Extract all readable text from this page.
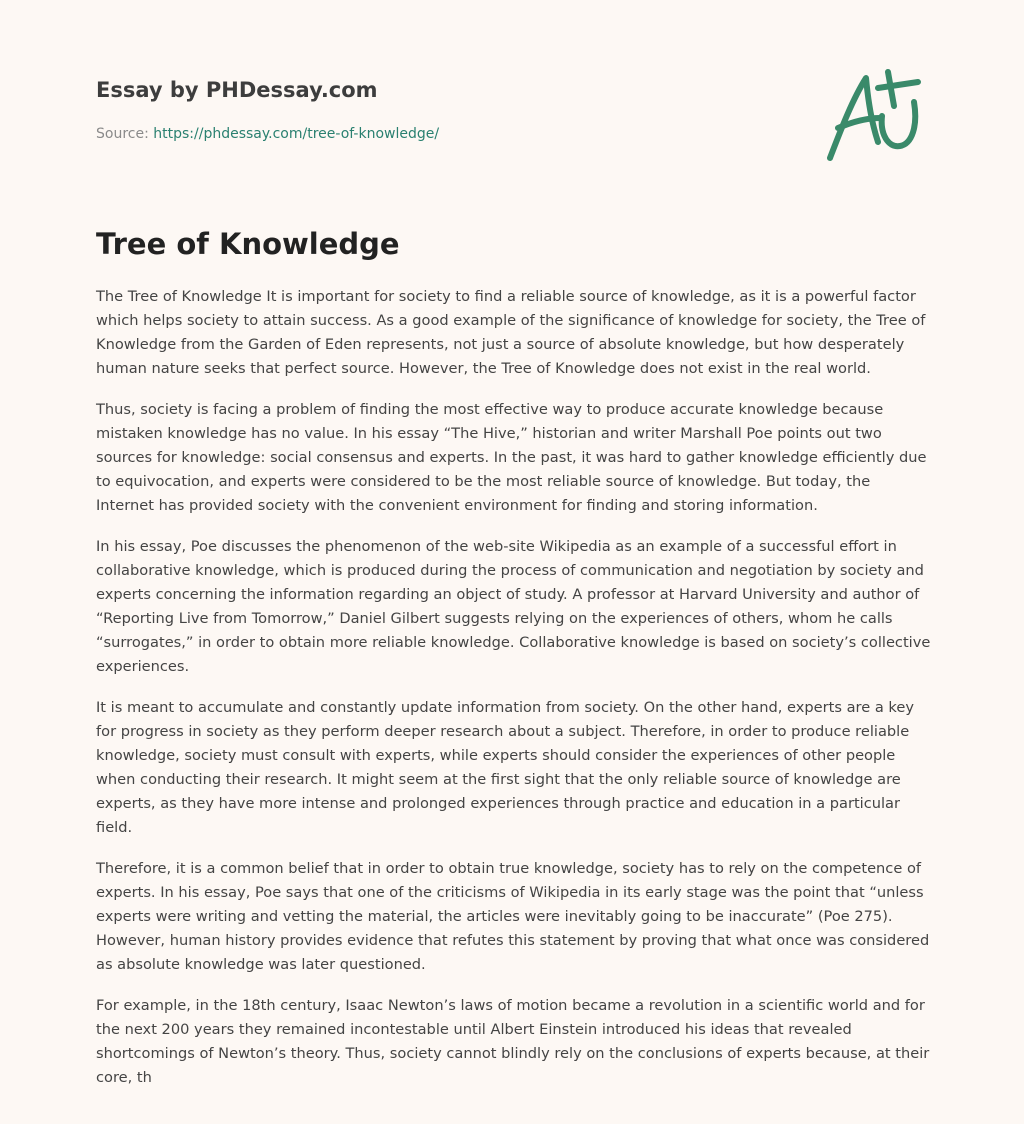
Essay by PHDessay.com
Source: https://phdessay.com/tree-of-knowledge/
Tree of Knowledge

The Tree of Knowledge It is important for society to find a reliable source of knowledge, as it is a powerful factor which helps society to attain success. As a good example of the significance of knowledge for society, the Tree of Knowledge from the Garden of Eden represents, not just a source of absolute knowledge, but how desperately human nature seeks that perfect source. However, the Tree of Knowledge does not exist in the real world.

Thus, society is facing a problem of finding the most effective way to produce accurate knowledge because mistaken knowledge has no value. In his essay “The Hive,” historian and writer Marshall Poe points out two sources for knowledge: social consensus and experts. In the past, it was hard to gather knowledge efficiently due to equivocation, and experts were considered to be the most reliable source of knowledge. But today, the Internet has provided society with the convenient environment for finding and storing information.

In his essay, Poe discusses the phenomenon of the web-site Wikipedia as an example of a successful effort in collaborative knowledge, which is produced during the process of communication and negotiation by society and experts concerning the information regarding an object of study. A professor at Harvard University and author of “Reporting Live from Tomorrow,” Daniel Gilbert suggests relying on the experiences of others, whom he calls “surrogates,” in order to obtain more reliable knowledge. Collaborative knowledge is based on society’s collective experiences.

It is meant to accumulate and constantly update information from society. On the other hand, experts are a key for progress in society as they perform deeper research about a subject. Therefore, in order to produce reliable knowledge, society must consult with experts, while experts should consider the experiences of other people when conducting their research. It might seem at the first sight that the only reliable source of knowledge are experts, as they have more intense and prolonged experiences through practice and education in a particular field.

Therefore, it is a common belief that in order to obtain true knowledge, society has to rely on the competence of experts. In his essay, Poe says that one of the criticisms of Wikipedia in its early stage was the point that “unless experts were writing and vetting the material, the articles were inevitably going to be inaccurate” (Poe 275). However, human history provides evidence that refutes this statement by proving that what once was considered as absolute knowledge was later questioned.

For example, in the 18th century, Isaac Newton’s laws of motion became a revolution in a scientific world and for the next 200 years they remained incontestable until Albert Einstein introduced his ideas that revealed shortcomings of Newton’s theory. Thus, society cannot blindly rely on the conclusions of experts because, at their core, th
